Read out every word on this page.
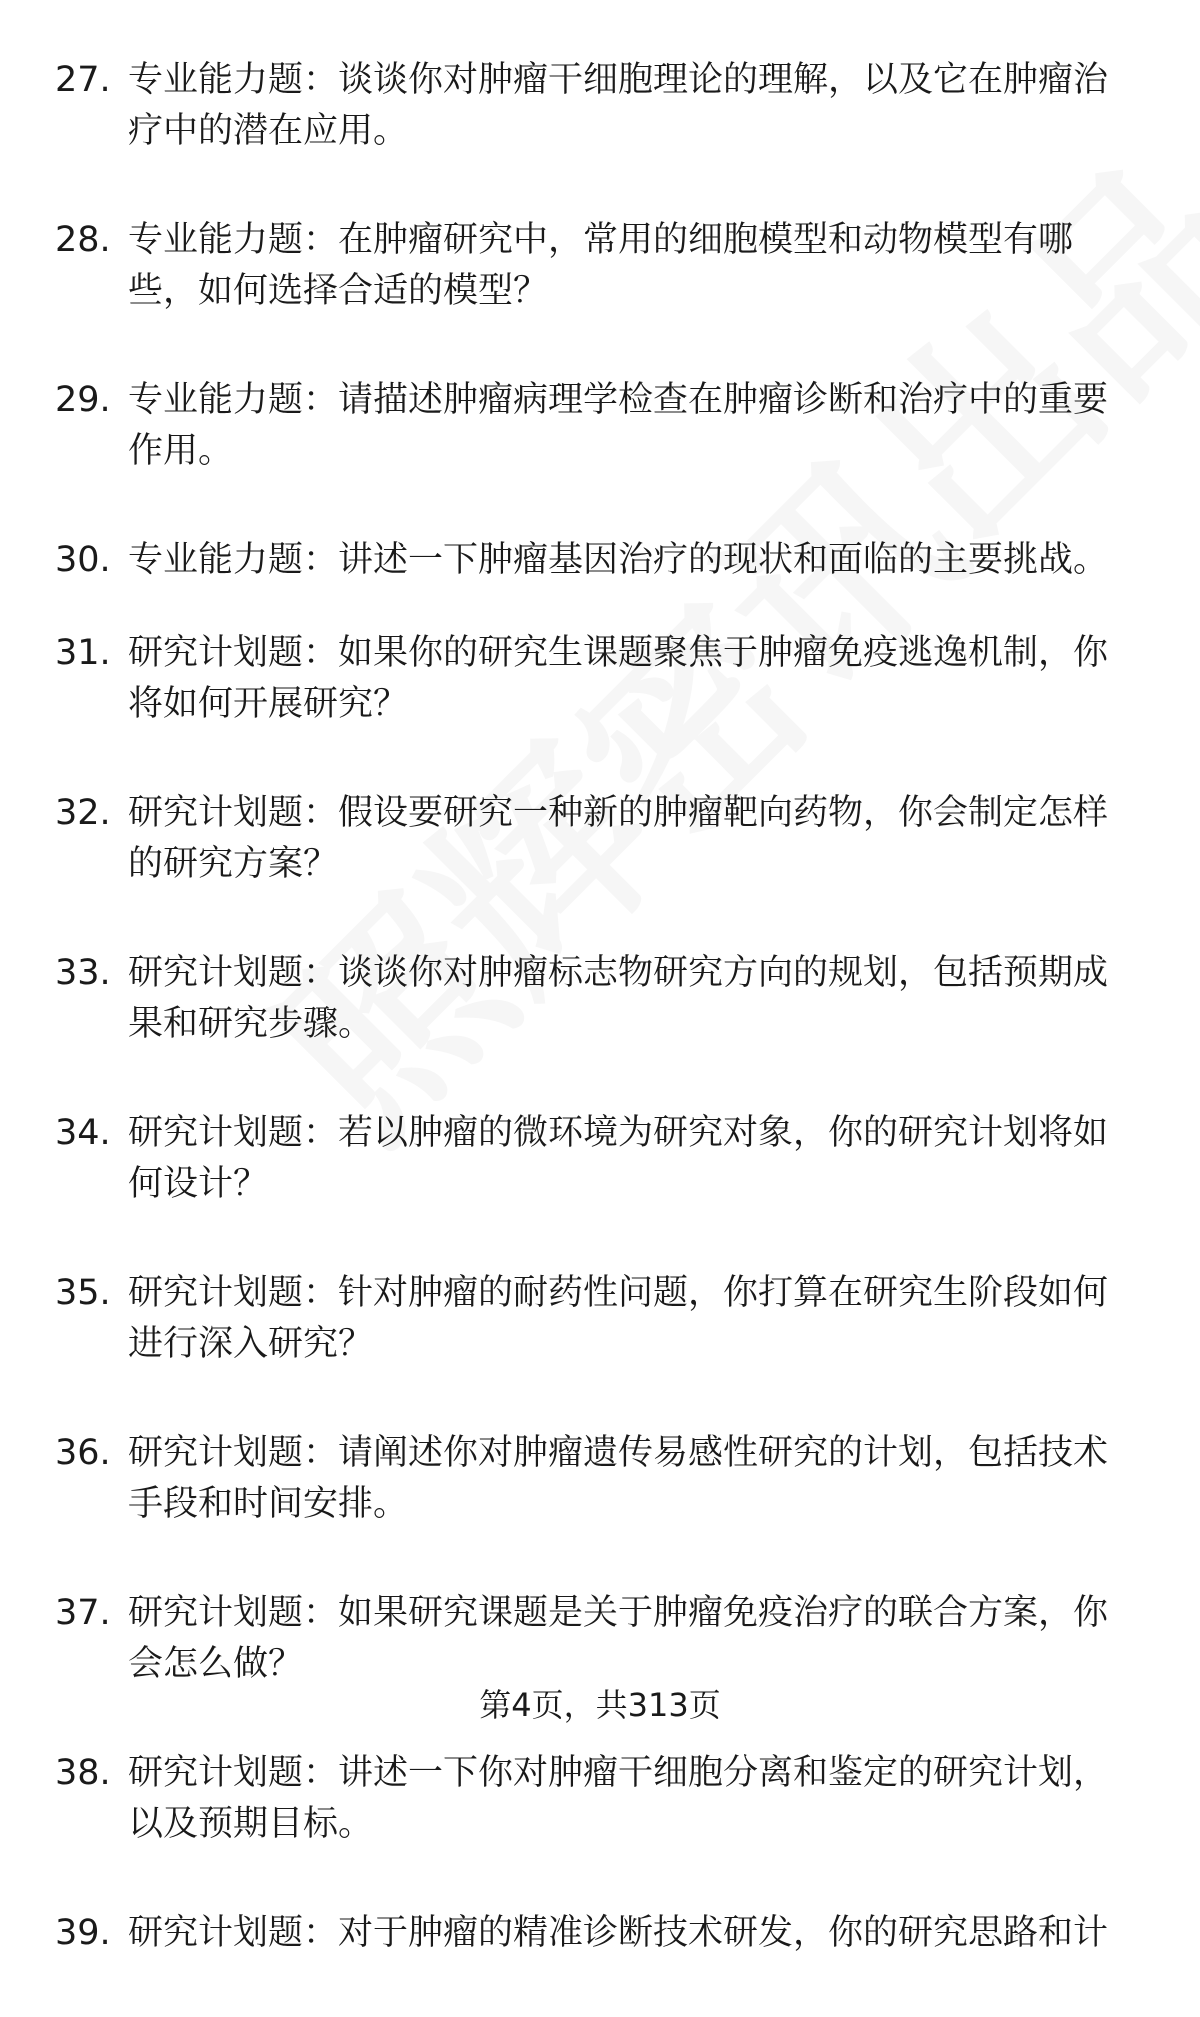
27. 专业能力题：谈谈你对肿瘤干细胞理论的理解，以及它在肿瘤治疗中的潜在应用。
28. 专业能力题：在肿瘤研究中，常用的细胞模型和动物模型有哪些，如何选择合适的模型？
29. 专业能力题：请描述肿瘤病理学检查在肿瘤诊断和治疗中的重要作用。
30. 专业能力题：讲述一下肿瘤基因治疗的现状和面临的主要挑战。
31. 研究计划题：如果你的研究生课题聚焦于肿瘤免疫逃逸机制，你将如何开展研究？
32. 研究计划题：假设要研究一种新的肿瘤靶向药物，你会制定怎样的研究方案？
33. 研究计划题：谈谈你对肿瘤标志物研究方向的规划，包括预期成果和研究步骤。
34. 研究计划题：若以肿瘤的微环境为研究对象，你的研究计划将如何设计？
35. 研究计划题：针对肿瘤的耐药性问题，你打算在研究生阶段如何进行深入研究？
36. 研究计划题：请阐述你对肿瘤遗传易感性研究的计划，包括技术手段和时间安排。
37. 研究计划题：如果研究课题是关于肿瘤免疫治疗的联合方案，你会怎么做？
38. 研究计划题：讲述一下你对肿瘤干细胞分离和鉴定的研究计划，以及预期目标。
39. 研究计划题：对于肿瘤的精准诊断技术研发，你的研究思路和计
第4页，共313页
